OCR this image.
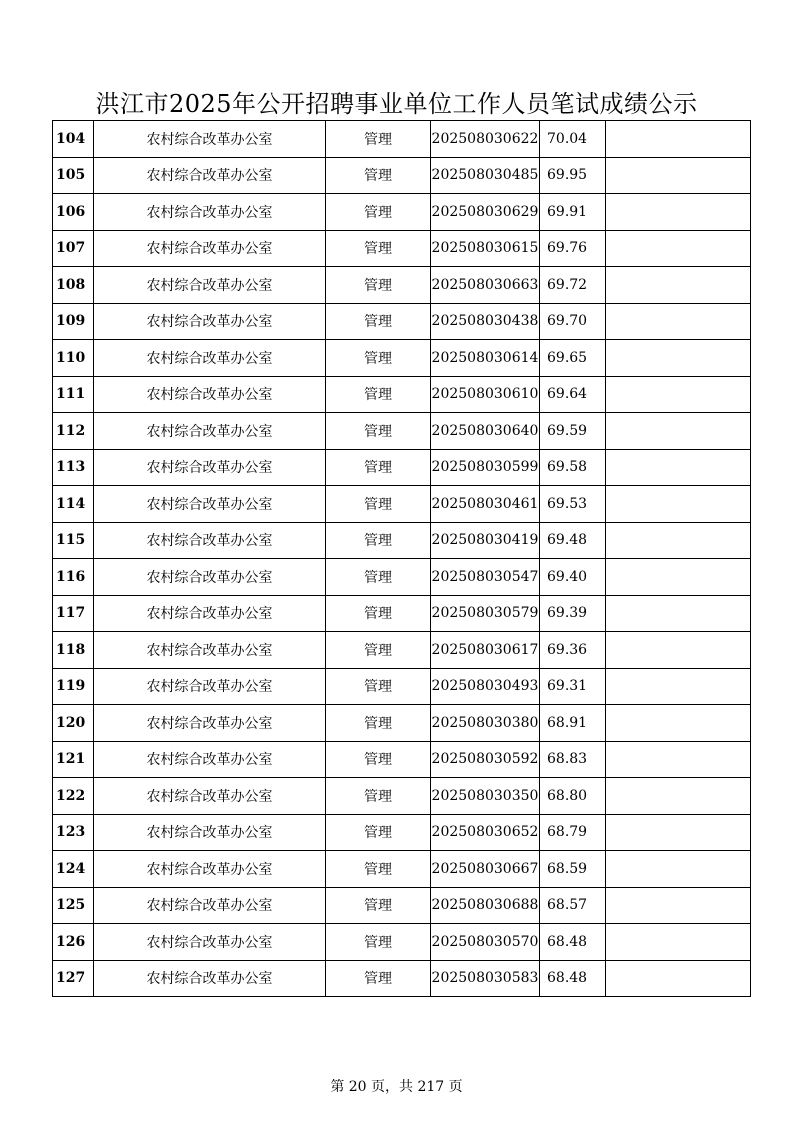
洪江市2025年公开招聘事业单位工作人员笔试成绩公示
104	农村综合改革办公室	管理	202508030622	70.04	
105	农村综合改革办公室	管理	202508030485	69.95	
106	农村综合改革办公室	管理	202508030629	69.91	
107	农村综合改革办公室	管理	202508030615	69.76	
108	农村综合改革办公室	管理	202508030663	69.72	
109	农村综合改革办公室	管理	202508030438	69.70	
110	农村综合改革办公室	管理	202508030614	69.65	
111	农村综合改革办公室	管理	202508030610	69.64	
112	农村综合改革办公室	管理	202508030640	69.59	
113	农村综合改革办公室	管理	202508030599	69.58	
114	农村综合改革办公室	管理	202508030461	69.53	
115	农村综合改革办公室	管理	202508030419	69.48	
116	农村综合改革办公室	管理	202508030547	69.40	
117	农村综合改革办公室	管理	202508030579	69.39	
118	农村综合改革办公室	管理	202508030617	69.36	
119	农村综合改革办公室	管理	202508030493	69.31	
120	农村综合改革办公室	管理	202508030380	68.91	
121	农村综合改革办公室	管理	202508030592	68.83	
122	农村综合改革办公室	管理	202508030350	68.80	
123	农村综合改革办公室	管理	202508030652	68.79	
124	农村综合改革办公室	管理	202508030667	68.59	
125	农村综合改革办公室	管理	202508030688	68.57	
126	农村综合改革办公室	管理	202508030570	68.48	
127	农村综合改革办公室	管理	202508030583	68.48	
第 20 页，共 217 页
